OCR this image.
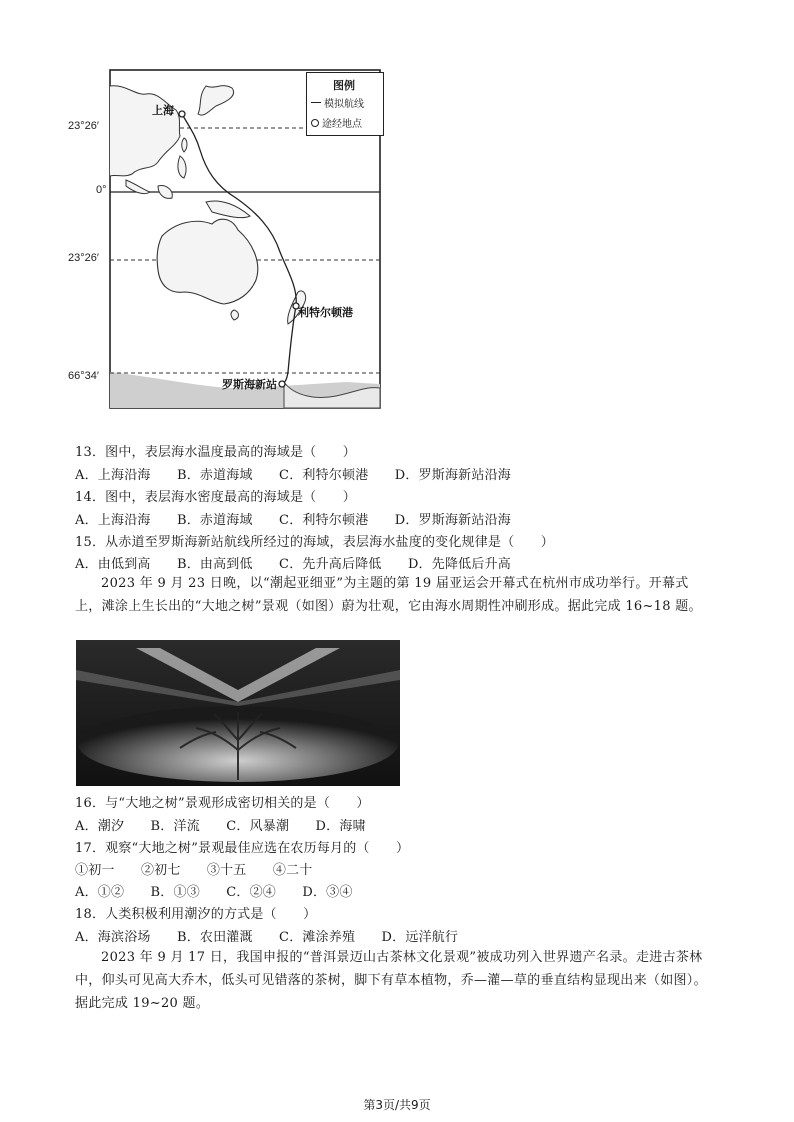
23°26′
0°
23°26′
66°34′
上海
利特尔顿港
罗斯海新站
图例
模拟航线
途经地点
13．图中，表层海水温度最高的海域是（　　）
A．上海沿海 B．赤道海域 C．利特尔顿港 D．罗斯海新站沿海
14．图中，表层海水密度最高的海域是（　　）
A．上海沿海 B．赤道海域 C．利特尔顿港 D．罗斯海新站沿海
15．从赤道至罗斯海新站航线所经过的海域，表层海水盐度的变化规律是（　　）
A．由低到高 B．由高到低 C．先升高后降低 D．先降低后升高
2023 年 9 月 23 日晚，以“潮起亚细亚”为主题的第 19 届亚运会开幕式在杭州市成功举行。开幕式上，滩涂上生长出的“大地之树”景观（如图）蔚为壮观，它由海水周期性冲刷形成。据此完成 16~18 题。
16．与“大地之树”景观形成密切相关的是（　　）
A．潮汐 B．洋流 C．风暴潮 D．海啸
17．观察“大地之树”景观最佳应选在农历每月的（　　）
①初一 ②初七 ③十五 ④二十
A．①② B．①③ C．②④ D．③④
18．人类积极利用潮汐的方式是（　　）
A．海滨浴场 B．农田灌溉 C．滩涂养殖 D．远洋航行
2023 年 9 月 17 日，我国申报的“普洱景迈山古茶林文化景观”被成功列入世界遗产名录。走进古茶林中，仰头可见高大乔木，低头可见错落的茶树，脚下有草本植物，乔—灌—草的垂直结构显现出来（如图）。据此完成 19~20 题。
第3页/共9页
